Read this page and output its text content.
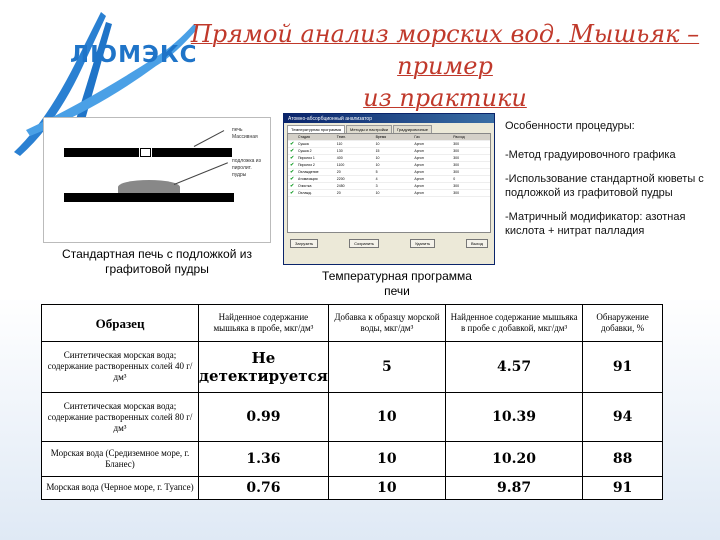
ЛЮМЭКС
Прямой анализ морских вод. Мышьяк – пример
из практики
печь
Массивная
подложка из
пиролит.
пудры
Стандартная печь с подложкой из графитовой пудры
Атомно-абсорбционный анализатор
Температурная программа	Методы и настройки	Градуировочные
Стадия	Темп.	Время	Газ	Расход
✔	Сушка	110	10	Аргон	300
✔	Сушка 2	130	15	Аргон	300
✔	Пиролиз 1	400	10	Аргон	300
✔	Пиролиз 2	1100	10	Аргон	300
✔	Охлаждение	20	5	Аргон	300
✔	Атомизация	2200	4	Аргон	0
✔	Очистка	2450	3	Аргон	300
✔	Охлажд.	20	10	Аргон	300
Загрузить	Сохранить	Удалить	Выход
Температурная программа печи
Особенности процедуры:
-Метод градуировочного графика
-Использование стандартной кюветы с подложкой из графитовой пудры
-Матричный модификатор: азотная кислота + нитрат палладия
Образец	Найденное содержание мышьяка в пробе, мкг/дм³	Добавка к образцу морской воды, мкг/дм³	Найденное содержание мышьяка в пробе с добавкой, мкг/дм³	Обнаружение добавки, %
Синтетическая морская вода; содержание растворенных солей 40 г/дм³	Не детектируется	5	4.57	91
Синтетическая морская вода; содержание растворенных солей 80 г/дм³	0.99	10	10.39	94
Морская вода (Средиземное море, г. Бланес)	1.36	10	10.20	88
Морская вода (Черное море, г. Туапсе)	0.76	10	9.87	91
